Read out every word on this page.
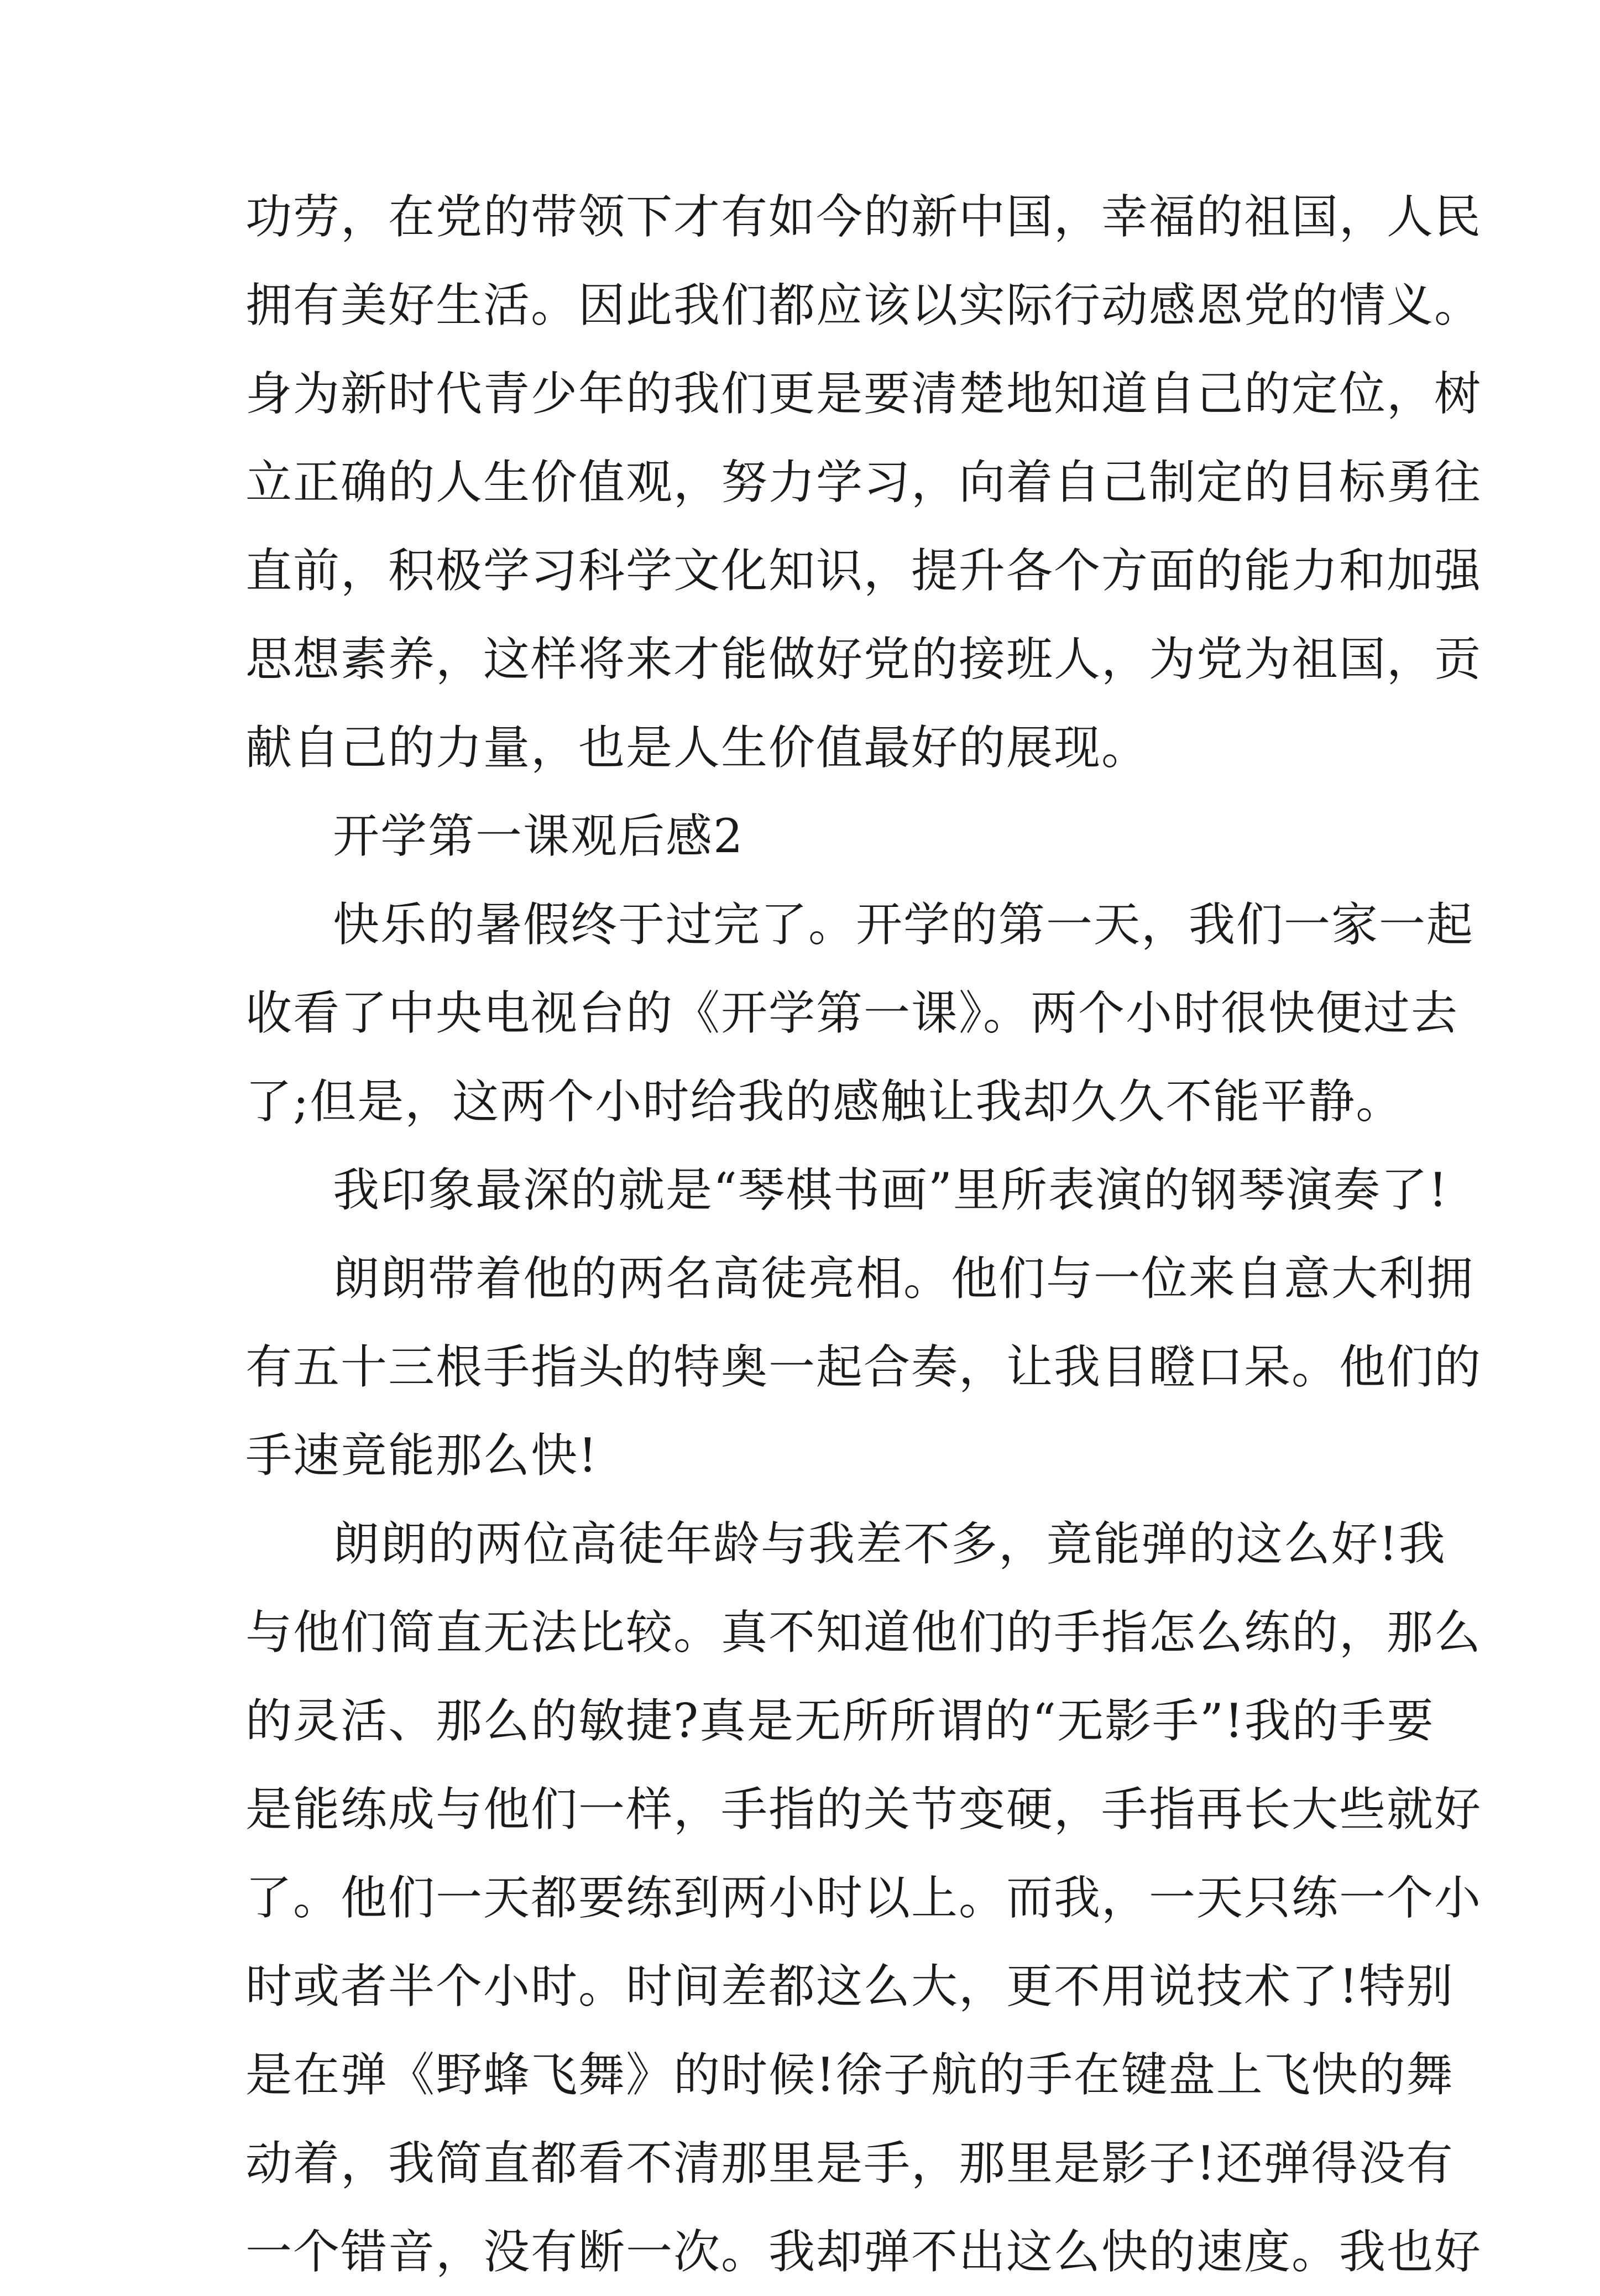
功劳，在党的带领下才有如今的新中国，幸福的祖国，人民
拥有美好生活。因此我们都应该以实际行动感恩党的情义。
身为新时代青少年的我们更是要清楚地知道自己的定位，树
立正确的人生价值观，努力学习，向着自己制定的目标勇往
直前，积极学习科学文化知识，提升各个方面的能力和加强
思想素养，这样将来才能做好党的接班人，为党为祖国，贡
献自己的力量，也是人生价值最好的展现。
开学第一课观后感2
快乐的暑假终于过完了。开学的第一天，我们一家一起
收看了中央电视台的《开学第一课》。两个小时很快便过去
了;但是，这两个小时给我的感触让我却久久不能平静。
我印象最深的就是“琴棋书画”里所表演的钢琴演奏了!
朗朗带着他的两名高徒亮相。他们与一位来自意大利拥
有五十三根手指头的特奥一起合奏，让我目瞪口呆。他们的
手速竟能那么快!
朗朗的两位高徒年龄与我差不多，竟能弹的这么好!我
与他们简直无法比较。真不知道他们的手指怎么练的，那么
的灵活、那么的敏捷?真是无所所谓的“无影手”!我的手要
是能练成与他们一样，手指的关节变硬，手指再长大些就好
了。他们一天都要练到两小时以上。而我，一天只练一个小
时或者半个小时。时间差都这么大，更不用说技术了!特别
是在弹《野蜂飞舞》的时候!徐子航的手在键盘上飞快的舞
动着，我简直都看不清那里是手，那里是影子!还弹得没有
一个错音，没有断一次。我却弹不出这么快的速度。我也好
